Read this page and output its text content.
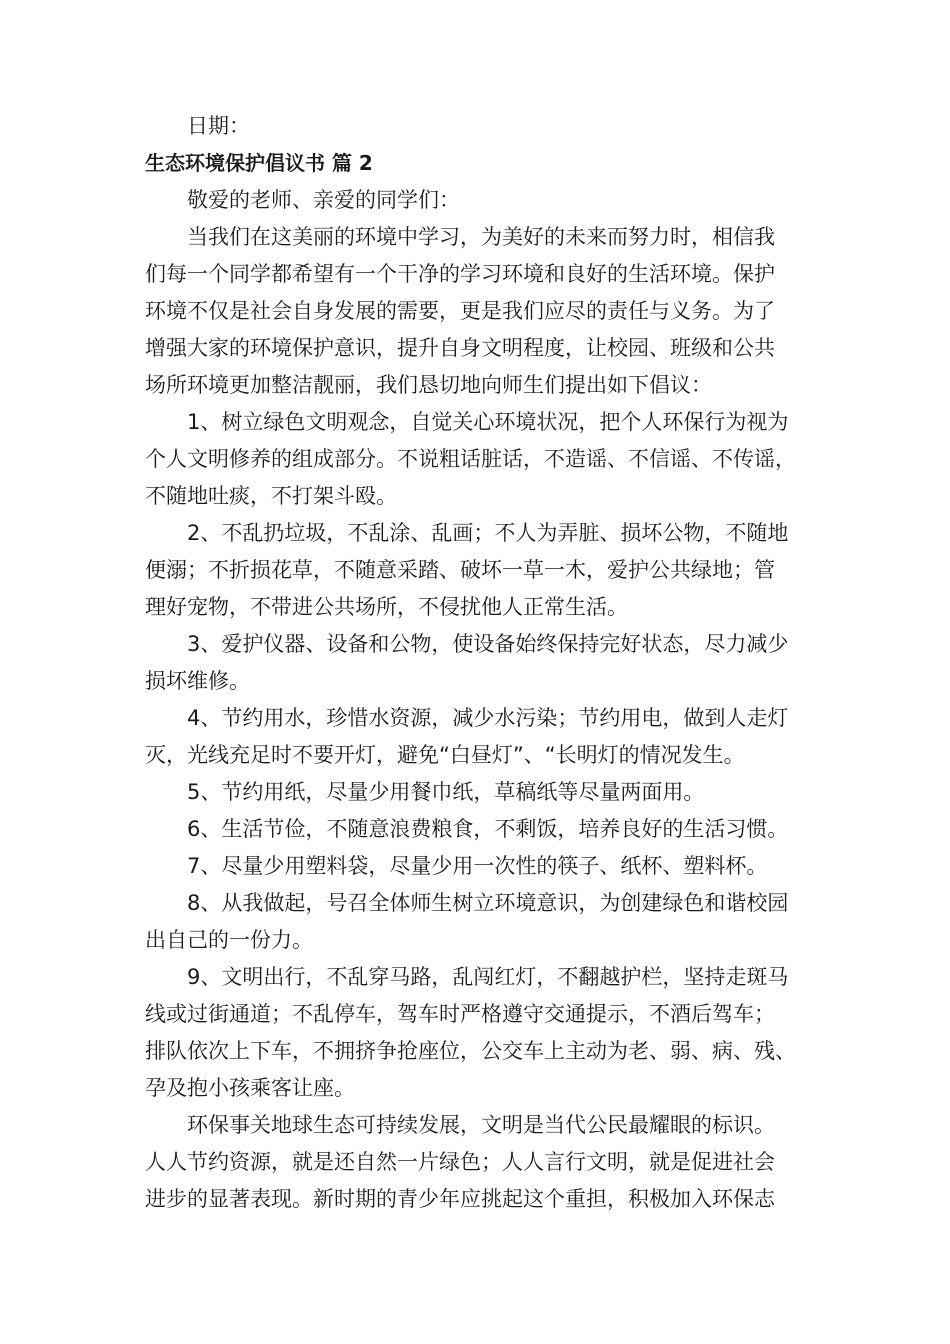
日期：
生态环境保护倡议书 篇 2
敬爱的老师、亲爱的同学们：
当我们在这美丽的环境中学习，为美好的未来而努力时，相信我
们每一个同学都希望有一个干净的学习环境和良好的生活环境。保护
环境不仅是社会自身发展的需要，更是我们应尽的责任与义务。为了
增强大家的环境保护意识，提升自身文明程度，让校园、班级和公共
场所环境更加整洁靓丽，我们恳切地向师生们提出如下倡议：
1、树立绿色文明观念，自觉关心环境状况，把个人环保行为视为
个人文明修养的组成部分。不说粗话脏话，不造谣、不信谣、不传谣，
不随地吐痰，不打架斗殴。
2、不乱扔垃圾，不乱涂、乱画；不人为弄脏、损坏公物，不随地
便溺；不折损花草，不随意采踏、破坏一草一木，爱护公共绿地；管
理好宠物，不带进公共场所，不侵扰他人正常生活。
3、爱护仪器、设备和公物，使设备始终保持完好状态，尽力减少
损坏维修。
4、节约用水，珍惜水资源，减少水污染；节约用电，做到人走灯
灭，光线充足时不要开灯，避免“白昼灯”、“长明灯的情况发生。
5、节约用纸，尽量少用餐巾纸，草稿纸等尽量两面用。
6、生活节俭，不随意浪费粮食，不剩饭，培养良好的生活习惯。
7、尽量少用塑料袋，尽量少用一次性的筷子、纸杯、塑料杯。
8、从我做起，号召全体师生树立环境意识，为创建绿色和谐校园
出自己的一份力。
9、文明出行，不乱穿马路，乱闯红灯，不翻越护栏，坚持走斑马
线或过街通道；不乱停车，驾车时严格遵守交通提示，不酒后驾车；
排队依次上下车，不拥挤争抢座位，公交车上主动为老、弱、病、残、
孕及抱小孩乘客让座。
环保事关地球生态可持续发展，文明是当代公民最耀眼的标识。
人人节约资源，就是还自然一片绿色；人人言行文明，就是促进社会
进步的显著表现。新时期的青少年应挑起这个重担，积极加入环保志
